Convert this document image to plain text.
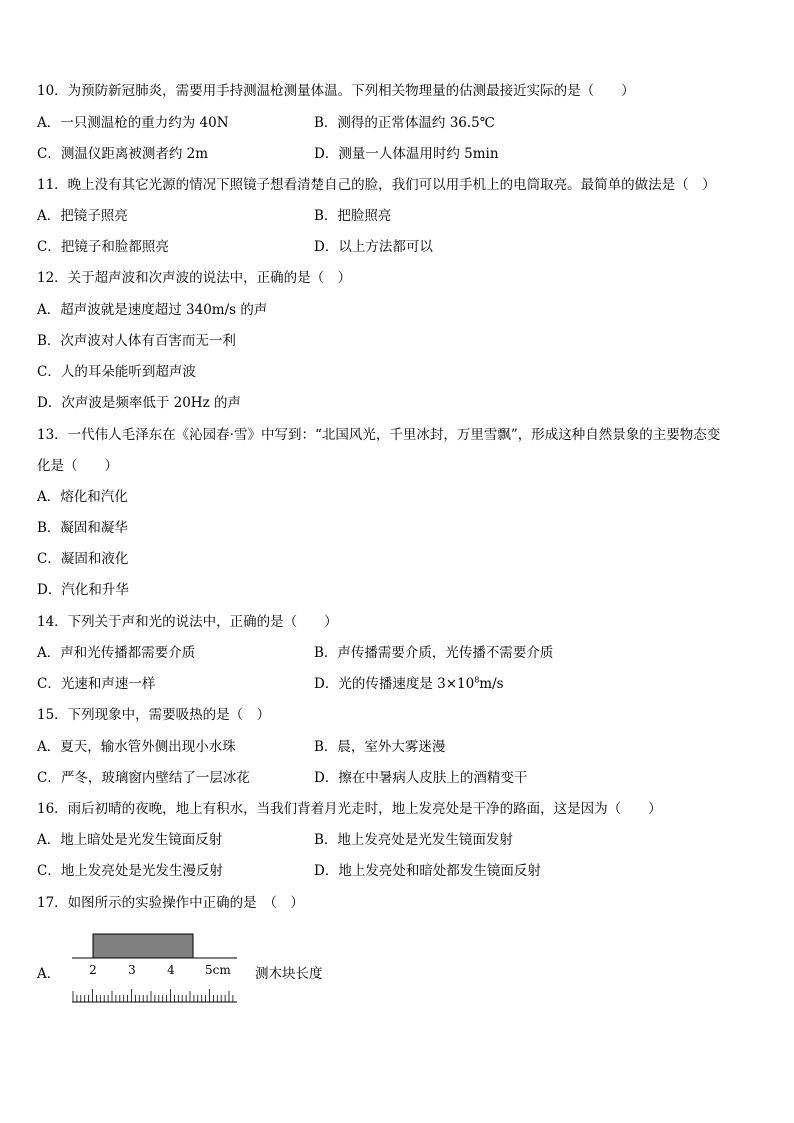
10．为预防新冠肺炎，需要用手持测温枪测量体温。下列相关物理量的估测最接近实际的是（　　）
A．一只测温枪的重力约为 40N	B．测得的正常体温约 36.5℃
C．测温仪距离被测者约 2m	D．测量一人体温用时约 5min
11．晚上没有其它光源的情况下照镜子想看清楚自己的脸，我们可以用手机上的电筒取亮。最简单的做法是（　）
A．把镜子照亮	B．把脸照亮
C．把镜子和脸都照亮	D．以上方法都可以
12．关于超声波和次声波的说法中，正确的是（　）
A．超声波就是速度超过 340m/s 的声
B．次声波对人体有百害而无一利
C．人的耳朵能听到超声波
D．次声波是频率低于 20Hz 的声
13．一代伟人毛泽东在《沁园春·雪》中写到：“北国风光，千里冰封，万里雪飘”，形成这种自然景象的主要物态变
化是（　　）
A．熔化和汽化
B．凝固和凝华
C．凝固和液化
D．汽化和升华
14．下列关于声和光的说法中，正确的是（　　）
A．声和光传播都需要介质	B．声传播需要介质，光传播不需要介质
C．光速和声速一样	D．光的传播速度是 $3\times 10^8m/s$
15．下列现象中，需要吸热的是（　）
A．夏天，输水管外侧出现小水珠	B．晨，室外大雾迷漫
C．严冬，玻璃窗内壁结了一层冰花	D．擦在中暑病人皮肤上的酒精变干
16．雨后初晴的夜晚，地上有积水，当我们背着月光走时，地上发亮处是干净的路面，这是因为（　　）
A．地上暗处是光发生镜面反射	B．地上发亮处是光发生镜面发射
C．地上发亮处是光发生漫反射	D．地上发亮处和暗处都发生镜面反射
17．如图所示的实验操作中正确的是　（　）
A． 2	3	4	5cm 测木块长度
